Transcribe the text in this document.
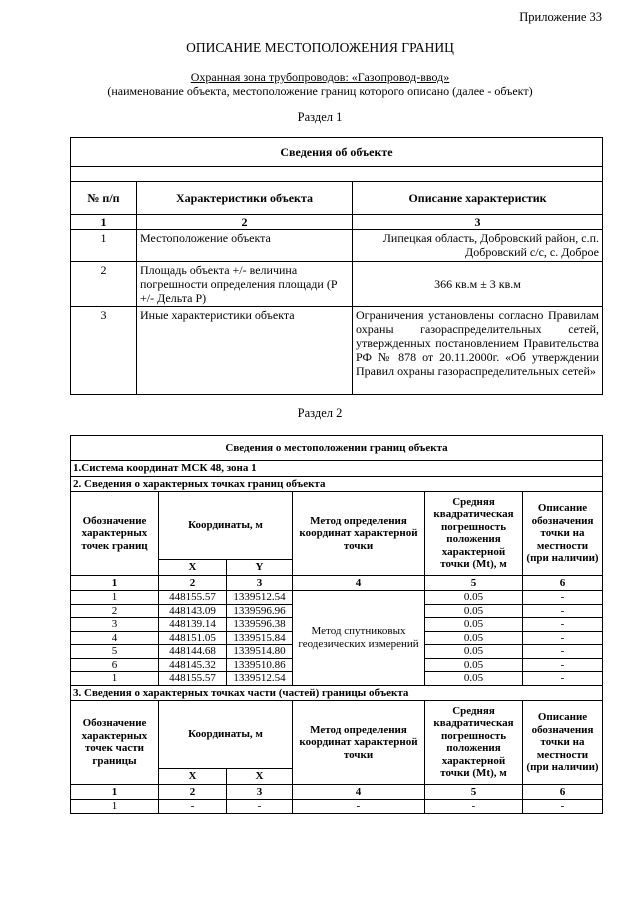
Приложение 33
ОПИСАНИЕ МЕСТОПОЛОЖЕНИЯ ГРАНИЦ
Охранная зона трубопроводов: «Газопровод-ввод»
(наименование объекта, местоположение границ которого описано (далее - объект)
Раздел 1
Сведения об объекте		

№ п/п	Характеристики объекта	Описание характеристик
1	2	3
1	Местоположение объекта	Липецкая область, Добровский район, с.п. Добровский с/с, с. Доброе
2	Площадь объекта +/- величина погрешности определения площади (Р +/- Дельта Р)	366 кв.м ± 3 кв.м
3	Иные характеристики объекта	Ограничения установлены согласно Правилам охраны газораспределительных сетей, утвержденных постановлением Правительства РФ № 878 от 20.11.2000г. «Об утверждении Правил охраны газораспределительных сетей»
Раздел 2
Сведения о местоположении границ объекта					
1.Система координат МСК 48, зона 1					
2. Сведения о характерных точках границ объекта					
Обозначение характерных точек границ	Координаты, м		Метод определения координат характерной точки	Средняя квадратическая погрешность положения характерной точки (Mt), м	Описание обозначения точки на местности (при наличии)
	X	Y			
1	2	3	4	5	6
1	448155.57	1339512.54	Метод спутниковых геодезических измерений	0.05	-
2	448143.09	1339596.96		0.05	-
3	448139.14	1339596.38		0.05	-
4	448151.05	1339515.84		0.05	-
5	448144.68	1339514.80		0.05	-
6	448145.32	1339510.86		0.05	-
1	448155.57	1339512.54		0.05	-
3. Сведения о характерных точках части (частей) границы объекта					
Обозначение характерных точек части границы	Координаты, м		Метод определения координат характерной точки	Средняя квадратическая погрешность положения характерной точки (Mt), м	Описание обозначения точки на местности (при наличии)
	X	X			
1	2	3	4	5	6
1	-	-	-	-	-
